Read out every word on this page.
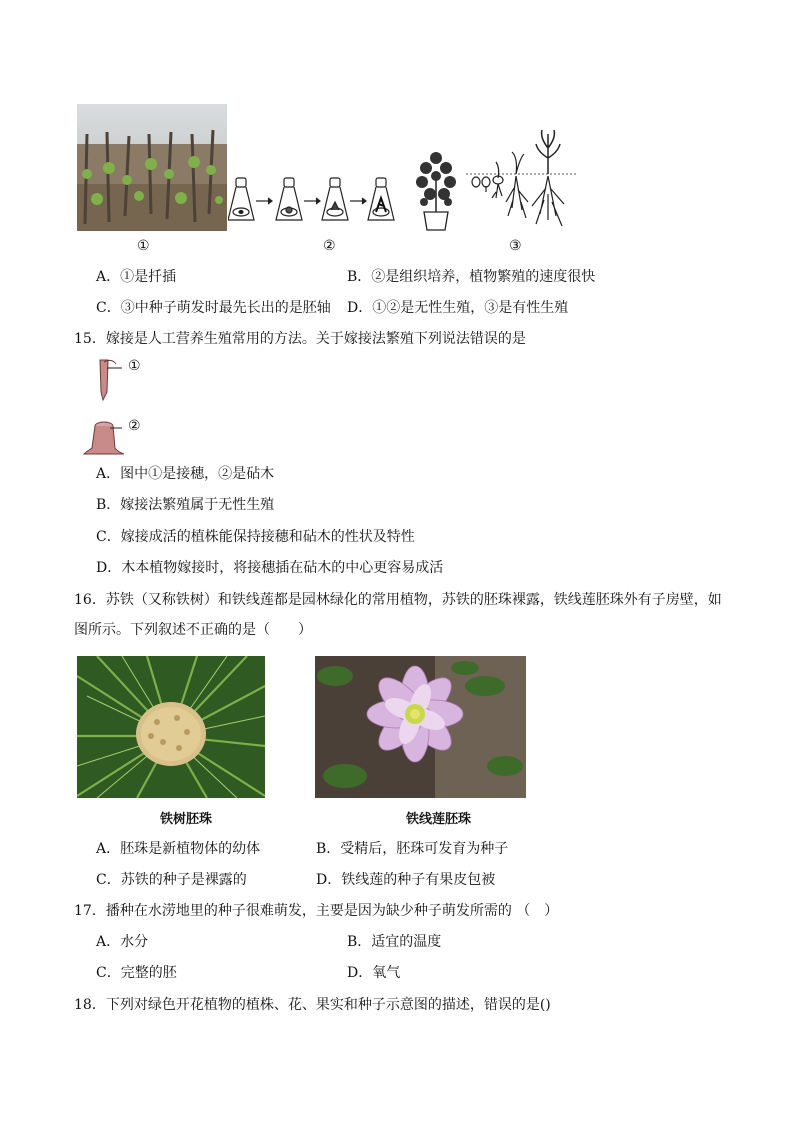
①	②	③
A．①是扦插	B．②是组织培养，植物繁殖的速度很快
C．③中种子萌发时最先长出的是胚轴 D．①②是无性生殖，③是有性生殖
15．嫁接是人工营养生殖常用的方法。关于嫁接法繁殖下列说法错误的是
①
②
A．图中①是接穗，②是砧木
B．嫁接法繁殖属于无性生殖
C．嫁接成活的植株能保持接穗和砧木的性状及特性
D．木本植物嫁接时，将接穗插在砧木的中心更容易成活
16．苏铁（又称铁树）和铁线莲都是园林绿化的常用植物，苏铁的胚珠裸露，铁线莲胚珠外有子房壁，如
图所示。下列叙述不正确的是（　　）
铁树胚珠	铁线莲胚珠
A．胚珠是新植物体的幼体	B．受精后，胚珠可发育为种子
C．苏铁的种子是裸露的	D．铁线莲的种子有果皮包被
17．播种在水涝地里的种子很难萌发，主要是因为缺少种子萌发所需的 （　）
A．水分	B．适宜的温度
C．完整的胚	D．氧气
18．下列对绿色开花植物的植株、花、果实和种子示意图的描述，错误的是()
